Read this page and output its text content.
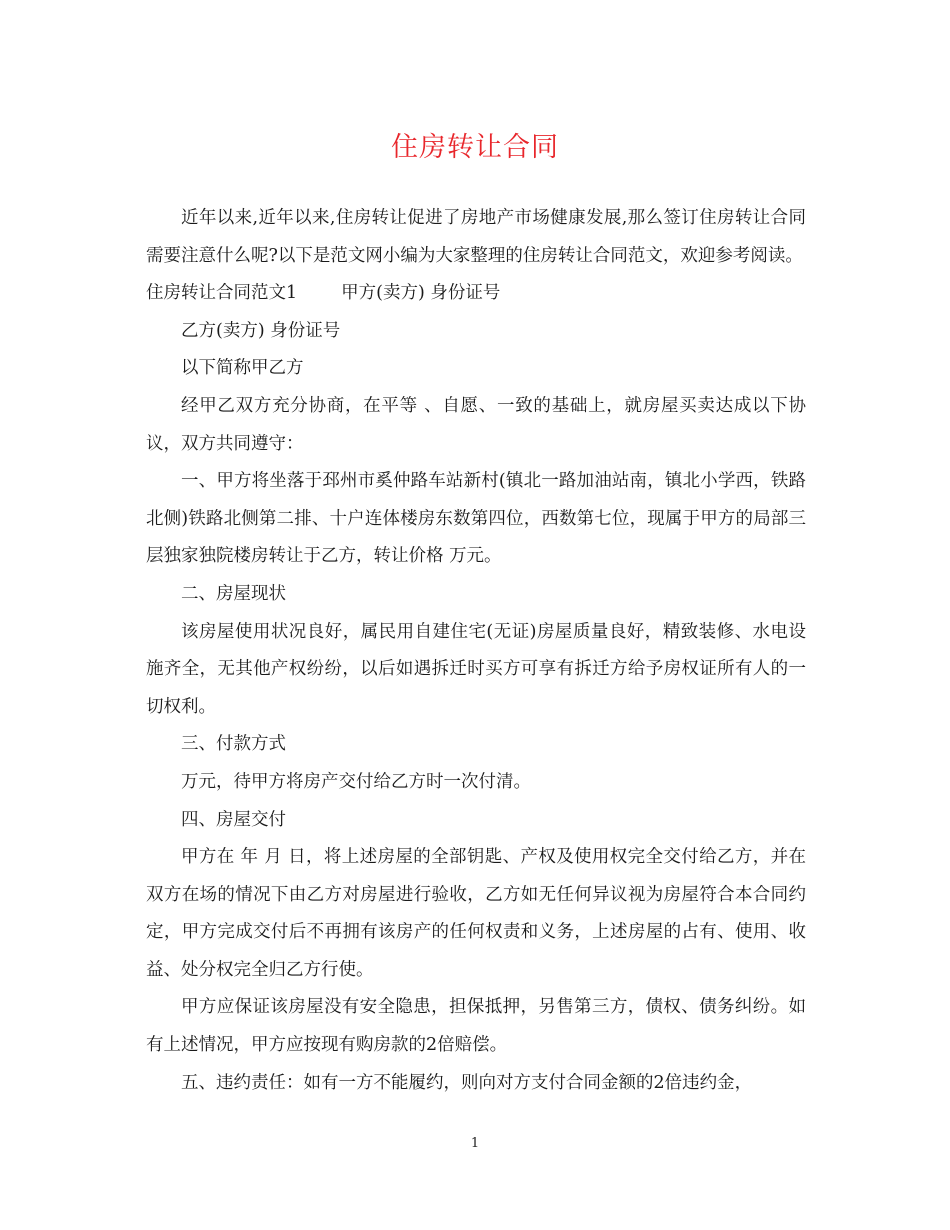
住房转让合同

近年以来,近年以来,住房转让促进了房地产市场健康发展,那么签订住房转让合同需要注意什么呢?以下是范文网小编为大家整理的住房转让合同范文，欢迎参考阅读。

住房转让合同范文1	甲方(卖方) 身份证号

乙方(卖方) 身份证号

以下简称甲乙方

经甲乙双方充分协商，在平等 、自愿、一致的基础上，就房屋买卖达成以下协议，双方共同遵守：

一、甲方将坐落于邳州市奚仲路车站新村(镇北一路加油站南，镇北小学西，铁路北侧)铁路北侧第二排、十户连体楼房东数第四位，西数第七位，现属于甲方的局部三层独家独院楼房转让于乙方，转让价格 万元。

二、房屋现状

该房屋使用状况良好，属民用自建住宅(无证)房屋质量良好，精致装修、水电设施齐全，无其他产权纷纷，以后如遇拆迁时买方可享有拆迁方给予房权证所有人的一切权利。

三、付款方式

万元，待甲方将房产交付给乙方时一次付清。

四、房屋交付

甲方在 年 月 日，将上述房屋的全部钥匙、产权及使用权完全交付给乙方，并在双方在场的情况下由乙方对房屋进行验收，乙方如无任何异议视为房屋符合本合同约定，甲方完成交付后不再拥有该房产的任何权责和义务，上述房屋的占有、使用、收益、处分权完全归乙方行使。

甲方应保证该房屋没有安全隐患，担保抵押，另售第三方，债权、债务纠纷。如有上述情况，甲方应按现有购房款的2倍赔偿。

五、违约责任：如有一方不能履约，则向对方支付合同金额的2倍违约金，

1
